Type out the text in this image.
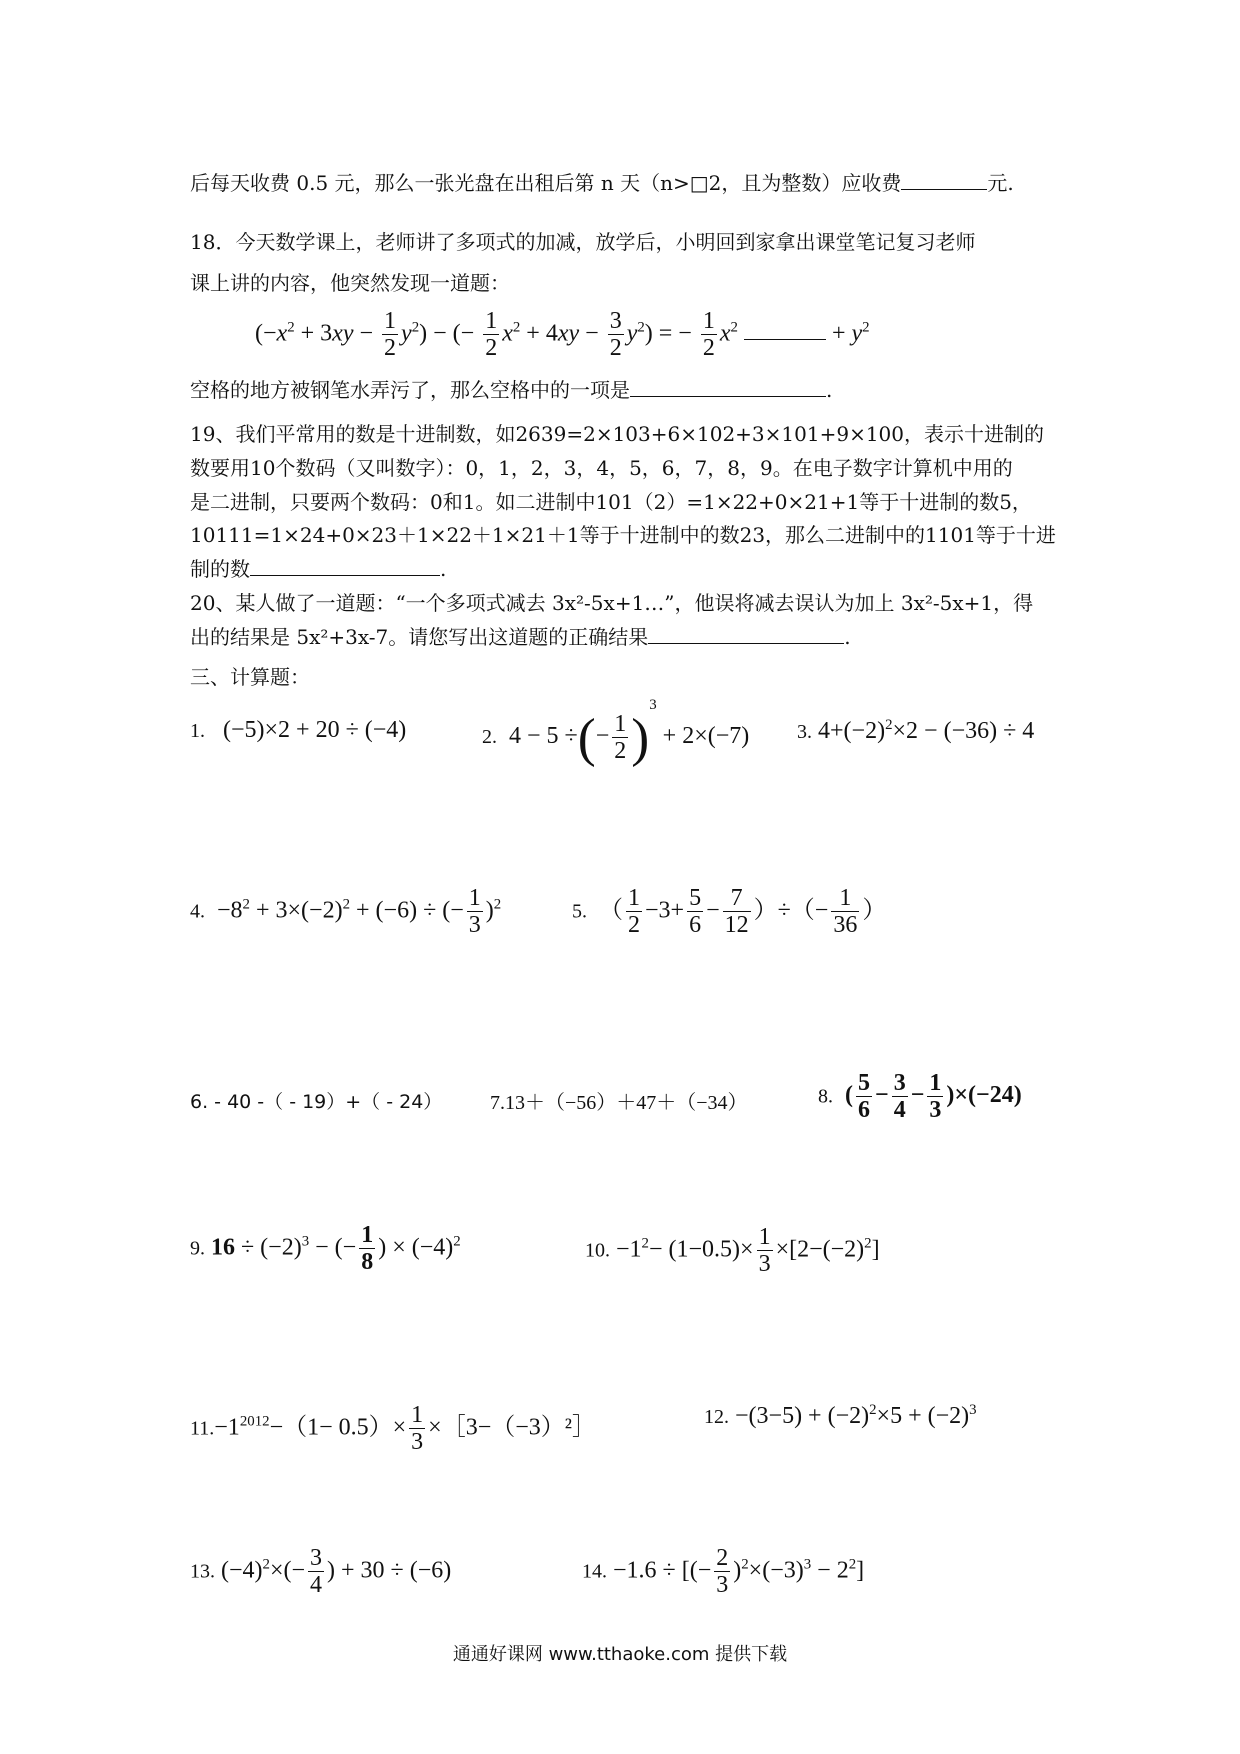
后每天收费 0.5 元，那么一张光盘在出租后第 n 天（n>□2，且为整数）应收费	元.
18．今天数学课上，老师讲了多项式的加减，放学后，小明回到家拿出课堂笔记复习老师
课上讲的内容，他突然发现一道题：
$(-x^2 + 3xy - \frac{1}{2} y^2)$ − (− $\frac{1}{2} x^2 + 4xy - \frac{3}{2} y^2$) = − $\frac{1}{2} x^2$	+ $y^2$
空格的地方被钢笔水弄污了，那么空格中的一项是	.
19、我们平常用的数是十进制数，如2639=2×103+6×102+3×101+9×100，表示十进制的
数要用10个数码（又叫数字）：0，1，2，3，4，5，6，7，8，9。在电子数字计算机中用的
是二进制，只要两个数码：0和1。如二进制中101（2）=1×22+0×21+1等于十进制的数5，
10111=1×24+0×23＋1×22＋1×21＋1等于十进制中的数23，那么二进制中的1101等于十进
制的数	.
20、某人做了一道题：“一个多项式减去 3x²-5x+1…”，他误将减去误认为加上 3x²-5x+1，得
出的结果是 5x²+3x-7。请您写出这道题的正确结果	.
三、计算题：
1.   (−5)×2 + 20 ÷ (−4)	2.  4 − 5 ÷(− $\frac{1}{2} )^3 + 2\times(-7)$ 3. $4+(-2)^2\times 2 - (-36) \div 4$
4.  $-8^2 + 3\times(-2)^2 + (-6)$ ÷ (− $\frac{1}{3} )^2$	5.  （ $\frac{1}{2} -3+ \frac{5}{6} - \frac{7}{12}$ ）÷（− $\frac{1}{36}$ ）
6. - 40 -（ - 19）+（ - 24） 7.13＋（−56）＋47＋（−34）	8. ( $\frac{5}{6} - \frac{3}{4} - \frac{1}{3} )\times(-24)$
9. $16 \div (-2)^3$ − (− $\frac{1}{8}$ ) × $(-4)^2$	10. $-1^2- (1-0.5)\times \frac{1}{3} \times[2-(-2)^2]$
$11.-1^{2012}-(1- 0.5)\times \frac{1}{3}$ ×［3−（−3）²］	12. $-(3-5) + (-2)^2\times 5 + (-2)^3$
13. $(-4)^2\times(- \frac{3}{4}$ ) + 30 ÷ (−6)	14. −1.6 ÷ [(− $\frac{2}{3} )^2\times(-3)^3 - 2^2$]
通通好课网 www.tthaoke.com 提供下载
